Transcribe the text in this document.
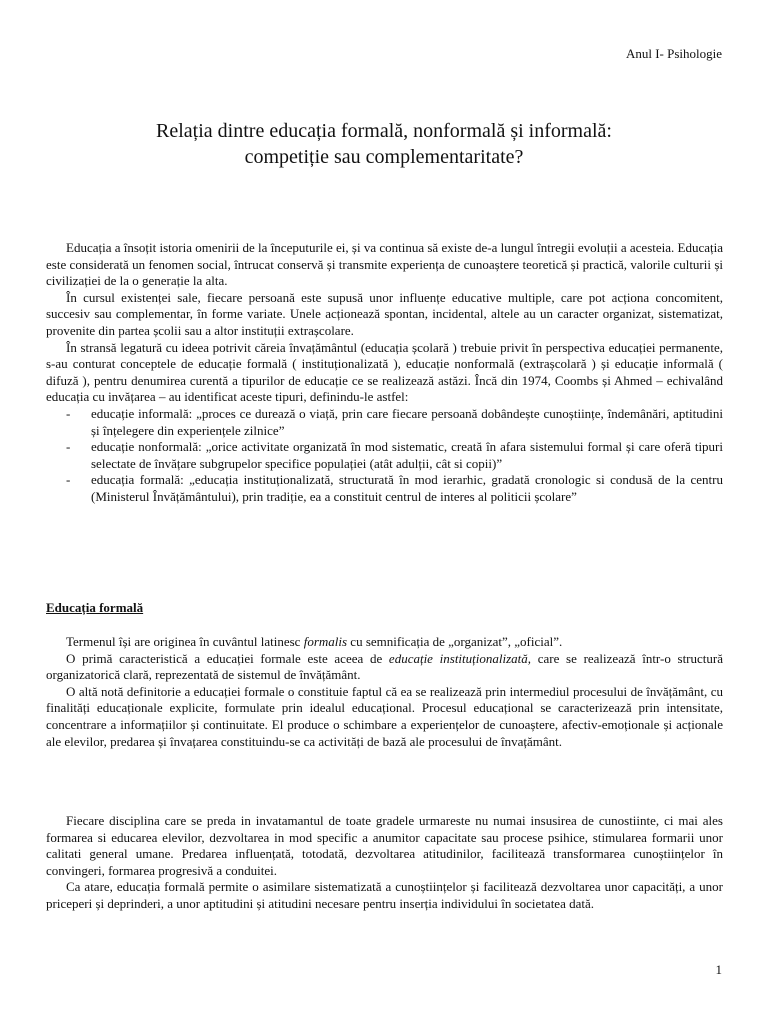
Anul I- Psihologie
Relația dintre educația formală, nonformală și informală:
competiție sau complementaritate?

Educația a însoțit istoria omenirii de la începuturile ei, și va continua să existe de-a lungul întregii evoluții a acesteia. Educația este considerată un fenomen social, întrucat conservă și transmite experiența de cunoaștere teoretică și practică, valorile culturii și civilizației de la o generație la alta.

În cursul existenței sale, fiecare persoană este supusă unor influențe educative multiple, care pot acționa concomitent, succesiv sau complementar, în forme variate. Unele acționează spontan, incidental, altele au un caracter organizat, sistematizat, provenite din partea școlii sau a altor instituții extrașcolare.

În stransă legatură cu ideea potrivit căreia învațământul (educația școlară ) trebuie privit în perspectiva educației permanente, s-au conturat conceptele de educație formală ( instituționalizată ), educație nonformală (extrașcolară ) și educație informală ( difuză ), pentru denumirea curentă a tipurilor de educație ce se realizează astăzi. Încă din 1974, Coombs și Ahmed – echivalând educația cu invățarea – au identificat aceste tipuri, definindu-le astfel:

- educație informală: „proces ce durează o viață, prin care fiecare persoană dobândește cunoștiințe, îndemânări, aptitudini și înțelegere din experiențele zilnice”
- educație nonformală: „orice activitate organizată în mod sistematic, creată în afara sistemului formal și care oferă tipuri selectate de învățare subgrupelor specifice populației (atât adulții, cât si copii)”
- educația formală: „educația instituționalizată, structurată în mod ierarhic, gradată cronologic si condusă de la centru (Ministerul Învățământului), prin tradiție, ea a constituit centrul de interes al politicii școlare”
Educația formală

Termenul își are originea în cuvântul latinesc formalis cu semnificația de „organizat”, „oficial”.

O primă caracteristică a educației formale este aceea de educație instituționalizată, care se realizează într-o structură organizatorică clară, reprezentată de sistemul de învățământ.

O altă notă definitorie a educației formale o constituie faptul că ea se realizează prin intermediul procesului de învățământ, cu finalități educaționale explicite, formulate prin idealul educațional. Procesul educațional se caracterizează prin intensitate, concentrare a informațiilor și continuitate. El produce o schimbare a experiențelor de cunoaștere, afectiv-emoționale și acționale ale elevilor, predarea și învațarea constituindu-se ca activități de bază ale procesului de învațământ.

Fiecare disciplina care se preda in invatamantul de toate gradele urmareste nu numai insusirea de cunostiinte, ci mai ales formarea si educarea elevilor, dezvoltarea in mod specific a anumitor capacitate sau procese psihice, stimularea formarii unor calitati general umane. Predarea influențată, totodată, dezvoltarea atitudinilor, facilitează transformarea cunoștiințelor în convingeri, formarea progresivă a conduitei.

Ca atare, educația formală permite o asimilare sistematizată a cunoștiințelor și facilitează dezvoltarea unor capacități, a unor priceperi și deprinderi, a unor aptitudini și atitudini necesare pentru inserția individului în societatea dată.

1
